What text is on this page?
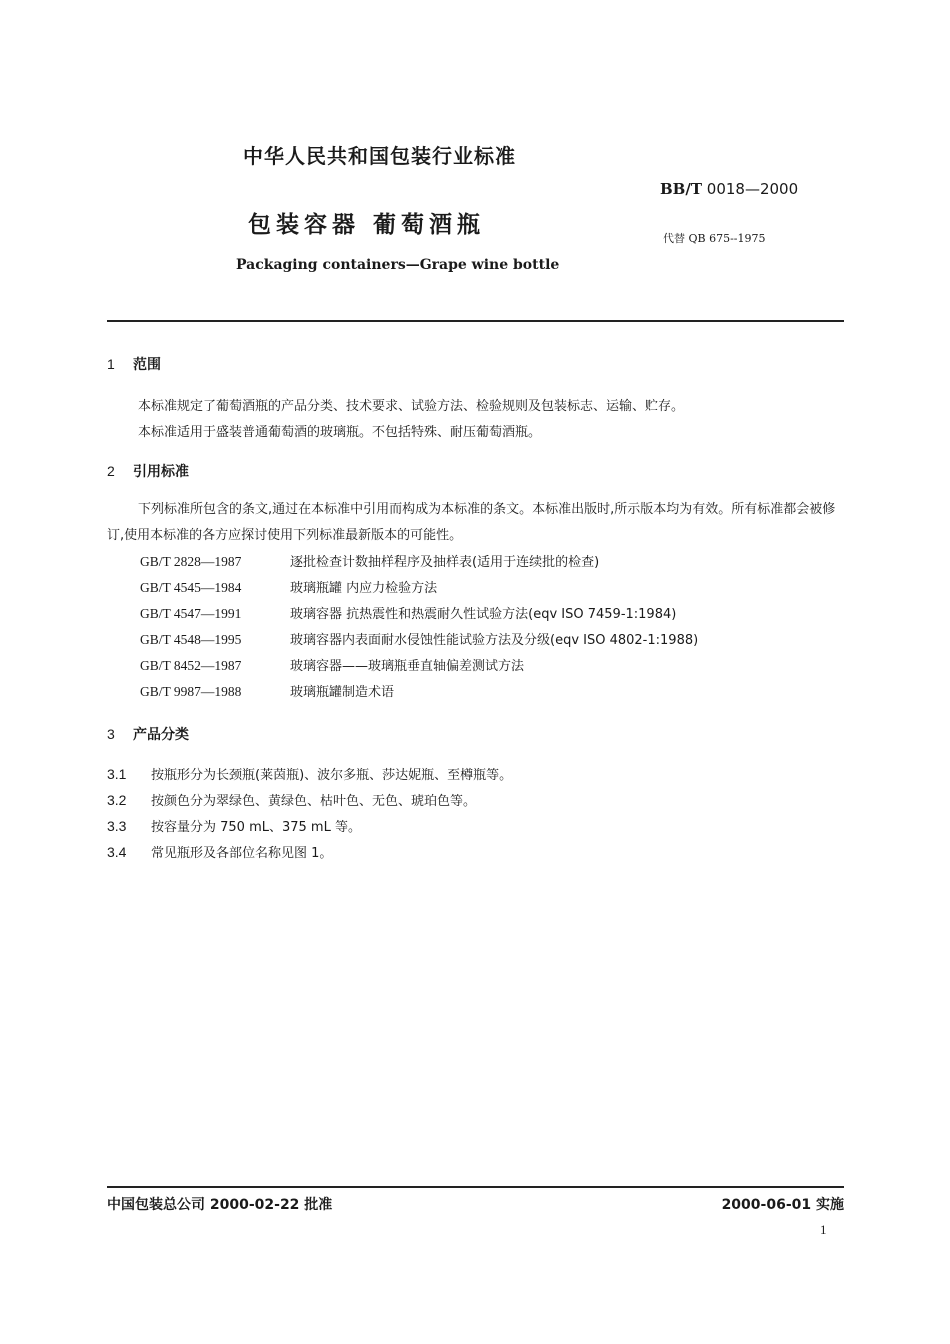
中华人民共和国包装行业标准
BB/T 0018—2000
包装容器 葡萄酒瓶
代替 QB 675--1975
Packaging containers—Grape wine bottle
1 范围
本标准规定了葡萄酒瓶的产品分类、技术要求、试验方法、检验规则及包装标志、运输、贮存。
本标准适用于盛装普通葡萄酒的玻璃瓶。不包括特殊、耐压葡萄酒瓶。
2 引用标准
下列标准所包含的条文,通过在本标准中引用而构成为本标准的条文。本标准出版时,所示版本均为有效。所有标准都会被修订,使用本标准的各方应探讨使用下列标准最新版本的可能性。
GB/T 2828—1987	逐批检查计数抽样程序及抽样表(适用于连续批的检查)
GB/T 4545—1984	玻璃瓶罐 内应力检验方法
GB/T 4547—1991	玻璃容器 抗热震性和热震耐久性试验方法(eqv ISO 7459-1:1984)
GB/T 4548—1995	玻璃容器内表面耐水侵蚀性能试验方法及分级(eqv ISO 4802-1:1988)
GB/T 8452—1987	玻璃容器——玻璃瓶垂直轴偏差测试方法
GB/T 9987—1988	玻璃瓶罐制造术语
3 产品分类
3.1 按瓶形分为长颈瓶(莱茵瓶)、波尔多瓶、莎达妮瓶、至樽瓶等。
3.2 按颜色分为翠绿色、黄绿色、枯叶色、无色、琥珀色等。
3.3 按容量分为 750 mL、375 mL 等。
3.4 常见瓶形及各部位名称见图 1。
中国包装总公司 2000-02-22 批准	2000-06-01 实施
1
